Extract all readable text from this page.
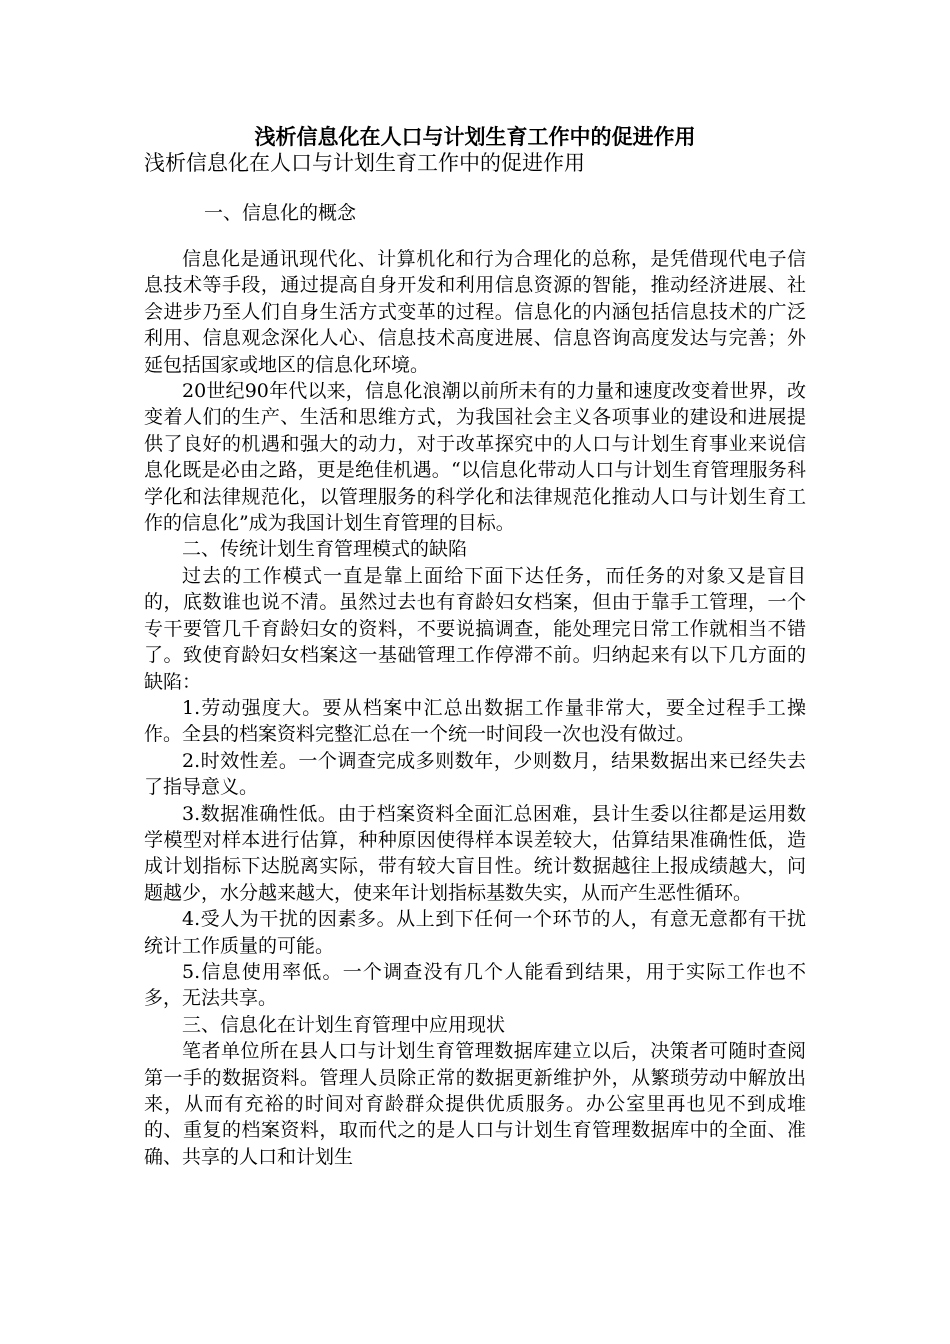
浅析信息化在人口与计划生育工作中的促进作用
浅析信息化在人口与计划生育工作中的促进作用
一、信息化的概念

信息化是通讯现代化、计算机化和行为合理化的总称，是凭借现代电子信息技术等手段，通过提高自身开发和利用信息资源的智能，推动经济进展、社会进步乃至人们自身生活方式变革的过程。信息化的内涵包括信息技术的广泛利用、信息观念深化人心、信息技术高度进展、信息咨询高度发达与完善；外延包括国家或地区的信息化环境。

20世纪90年代以来，信息化浪潮以前所未有的力量和速度改变着世界，改变着人们的生产、生活和思维方式，为我国社会主义各项事业的建设和进展提供了良好的机遇和强大的动力，对于改革探究中的人口与计划生育事业来说信息化既是必由之路，更是绝佳机遇。“以信息化带动人口与计划生育管理服务科学化和法律规范化，以管理服务的科学化和法律规范化推动人口与计划生育工作的信息化”成为我国计划生育管理的目标。

二、传统计划生育管理模式的缺陷

过去的工作模式一直是靠上面给下面下达任务，而任务的对象又是盲目的，底数谁也说不清。虽然过去也有育龄妇女档案，但由于靠手工管理，一个专干要管几千育龄妇女的资料，不要说搞调查，能处理完日常工作就相当不错了。致使育龄妇女档案这一基础管理工作停滞不前。归纳起来有以下几方面的缺陷：

1.劳动强度大。要从档案中汇总出数据工作量非常大，要全过程手工操作。全县的档案资料完整汇总在一个统一时间段一次也没有做过。

2.时效性差。一个调查完成多则数年，少则数月，结果数据出来已经失去了指导意义。

3.数据准确性低。由于档案资料全面汇总困难，县计生委以往都是运用数学模型对样本进行估算，种种原因使得样本误差较大，估算结果准确性低，造成计划指标下达脱离实际，带有较大盲目性。统计数据越往上报成绩越大，问题越少，水分越来越大，使来年计划指标基数失实，从而产生恶性循环。

4.受人为干扰的因素多。从上到下任何一个环节的人，有意无意都有干扰统计工作质量的可能。

5.信息使用率低。一个调查没有几个人能看到结果，用于实际工作也不多，无法共享。

三、信息化在计划生育管理中应用现状

笔者单位所在县人口与计划生育管理数据库建立以后，决策者可随时查阅第一手的数据资料。管理人员除正常的数据更新维护外，从繁琐劳动中解放出来，从而有充裕的时间对育龄群众提供优质服务。办公室里再也见不到成堆的、重复的档案资料，取而代之的是人口与计划生育管理数据库中的全面、准确、共享的人口和计划生
